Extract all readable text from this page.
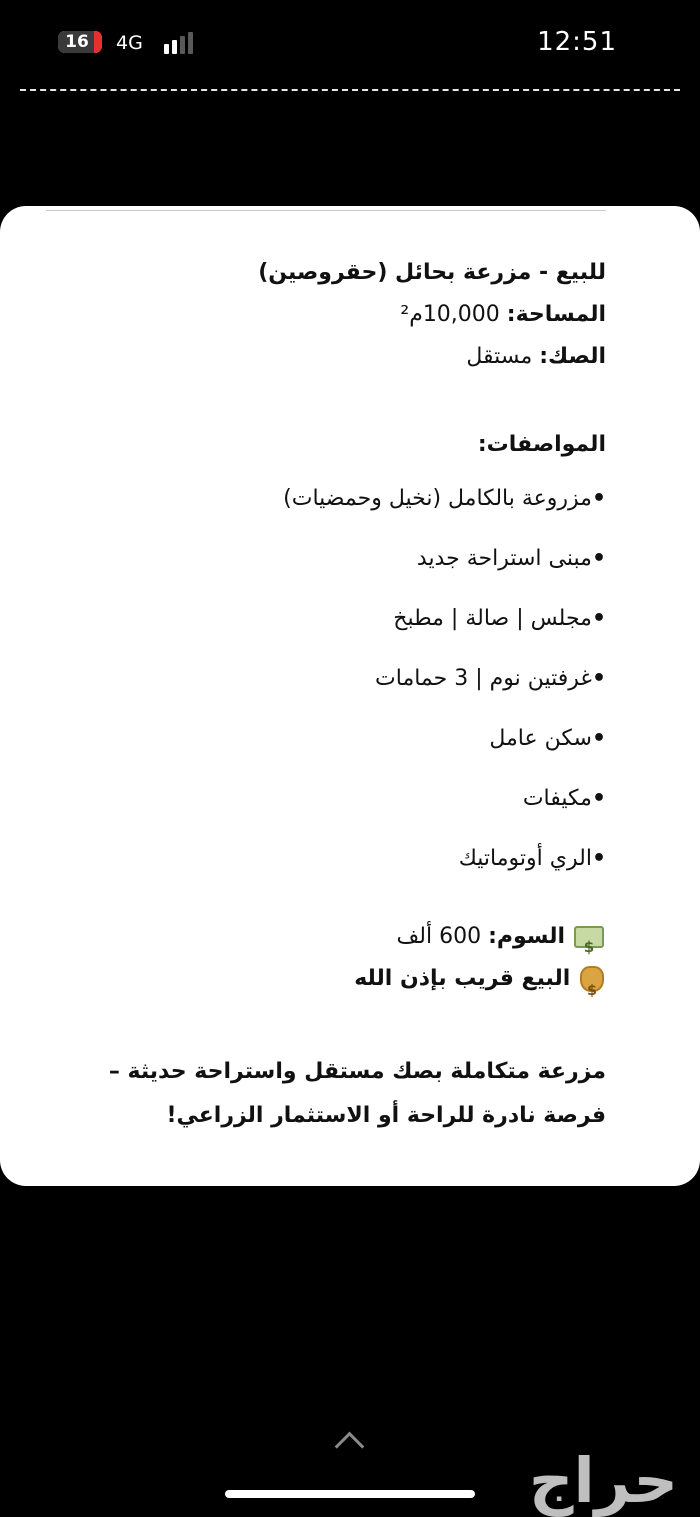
16	4G	12:51
للبيع - مزرعة بحائل (حقروصين)
المساحة: 10,000م²
الصك: مستقل
المواصفات:
•مزروعة بالكامل (نخيل وحمضيات)
•مبنى استراحة جديد
•مجلس | صالة | مطبخ
•غرفتين نوم | 3 حمامات
•سكن عامل
•مكيفات
•الري أوتوماتيك
$ السوم: 600 ألف
$ البيع قريب بإذن الله
مزرعة متكاملة بصك مستقل واستراحة حديثة –
فرصة نادرة للراحة أو الاستثمار الزراعي!
حراج
